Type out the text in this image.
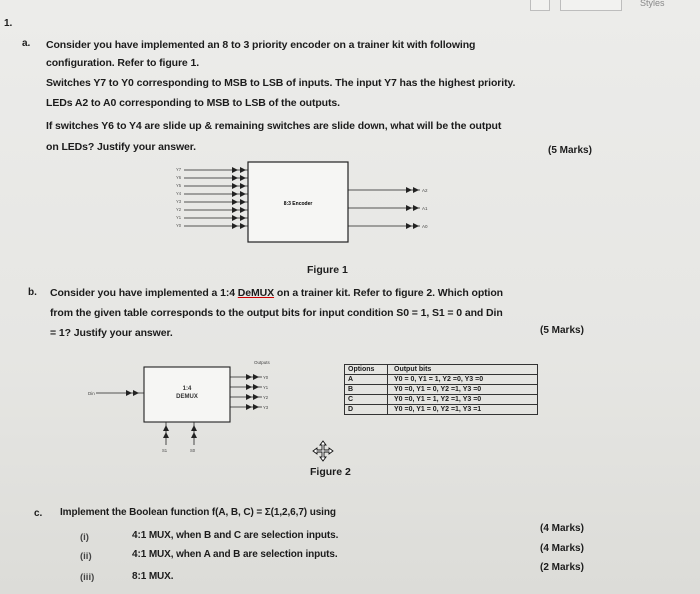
Styles
1.
a. Consider you have implemented an 8 to 3 priority encoder on a trainer kit with following
configuration. Refer to figure 1.
Switches Y7 to Y0 corresponding to MSB to LSB of inputs. The input Y7 has the highest priority.
LEDs A2 to A0 corresponding to MSB to LSB of the outputs.
If switches Y6 to Y4 are slide up & remaining switches are slide down, what will be the output
on LEDs? Justify your answer.	(5 Marks)
8:3 Encoder
Y7
Y6
Y5
Y4
Y3
Y2
Y1
Y0
A2
A1
A0
Figure 1
b. Consider you have implemented a 1:4 DeMUX on a trainer kit. Refer to figure 2. Which option
from the given table corresponds to the output bits for input condition S0 = 1, S1 = 0 and Din
= 1? Justify your answer.	(5 Marks)
1:4
DEMUX
Din
Outputs
Y0
Y1
Y2
Y3
S1	S0
Options	Output bits
A	Y0 = 0, Y1 = 1, Y2 =0, Y3 =0
B	Y0 =0, Y1 = 0, Y2 =1, Y3 =0
C	Y0 =0, Y1 = 1, Y2 =1, Y3 =0
D	Y0 =0, Y1 = 0, Y2 =1, Y3 =1
Figure 2
c. Implement the Boolean function f(A, B, C) = Σ(1,2,6,7) using
(i)	4:1 MUX, when B and C are selection inputs.
(4 Marks)
(ii)	4:1 MUX, when A and B are selection inputs.
(4 Marks)
(iii)	8:1 MUX.
(2 Marks)
